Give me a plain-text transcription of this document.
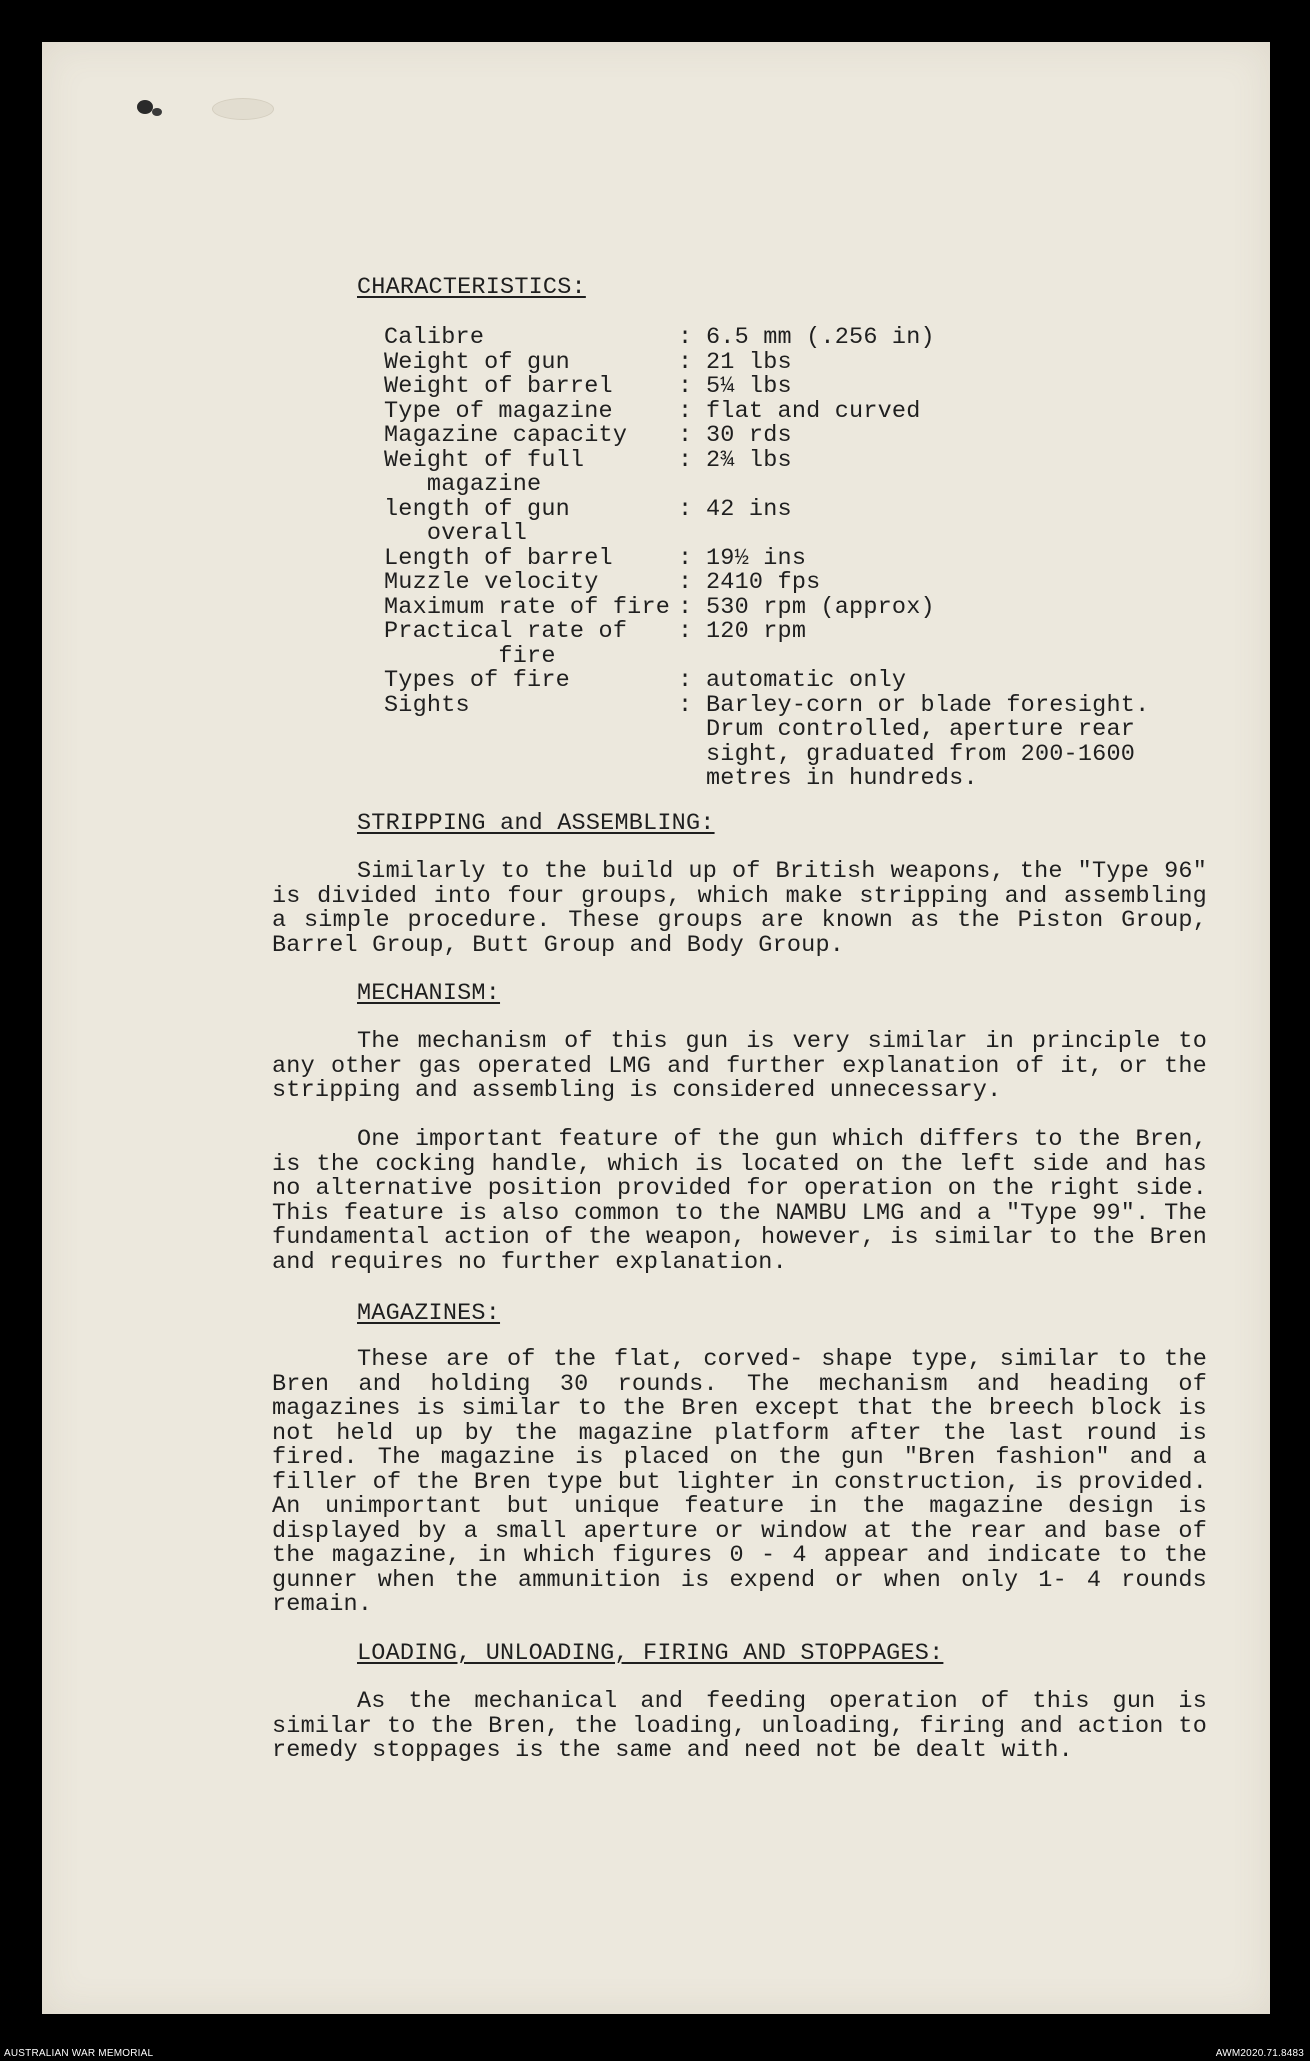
CHARACTERISTICS:
Calibre	:	6.5 mm (.256 in)
Weight of gun	:	21 lbs
Weight of barrel	:	5¼ lbs
Type of magazine	:	flat and curved
Magazine capacity	:	30 rds
Weight of full
magazine	:	2¾ lbs
length of gun
overall	:	42 ins
Length of barrel	:	19½ ins
Muzzle velocity	:	2410 fps
Maximum rate of fire	:	530 rpm (approx)
Practical rate of
fire	:	120 rpm
Types of fire	:	automatic only
Sights	:	Barley-corn or blade foresight.
Drum controlled, aperture rear
sight, graduated from 200-1600
metres in hundreds.
STRIPPING and ASSEMBLING:

Similarly to the build up of British weapons, the "Type 96" is divided into four groups, which make stripping and assembling a simple procedure. These groups are known as the Piston Group, Barrel Group, Butt Group and Body Group.

MECHANISM:

The mechanism of this gun is very similar in principle to any other gas operated LMG and further explanation of it, or the stripping and assembling is considered unnecessary.

One important feature of the gun which differs to the Bren, is the cocking handle, which is located on the left side and has no alternative position provided for operation on the right side. This feature is also common to the NAMBU LMG and a "Type 99". The fundamental action of the weapon, however, is similar to the Bren and requires no further explanation.

MAGAZINES:

These are of the flat, corved- shape type, similar to the Bren and holding 30 rounds. The mechanism and heading of magazines is similar to the Bren except that the breech block is not held up by the magazine platform after the last round is fired. The magazine is placed on the gun "Bren fashion" and a filler of the Bren type but lighter in construction, is provided. An unimportant but unique feature in the magazine design is displayed by a small aperture or window at the rear and base of the magazine, in which figures 0 - 4 appear and indicate to the gunner when the ammunition is expend or when only 1- 4 rounds remain.

LOADING, UNLOADING, FIRING AND STOPPAGES:

As the mechanical and feeding operation of this gun is similar to the Bren, the loading, unloading, firing and action to remedy stoppages is the same and need not be dealt with.

AUSTRALIAN WAR MEMORIAL	AWM2020.71.8483
